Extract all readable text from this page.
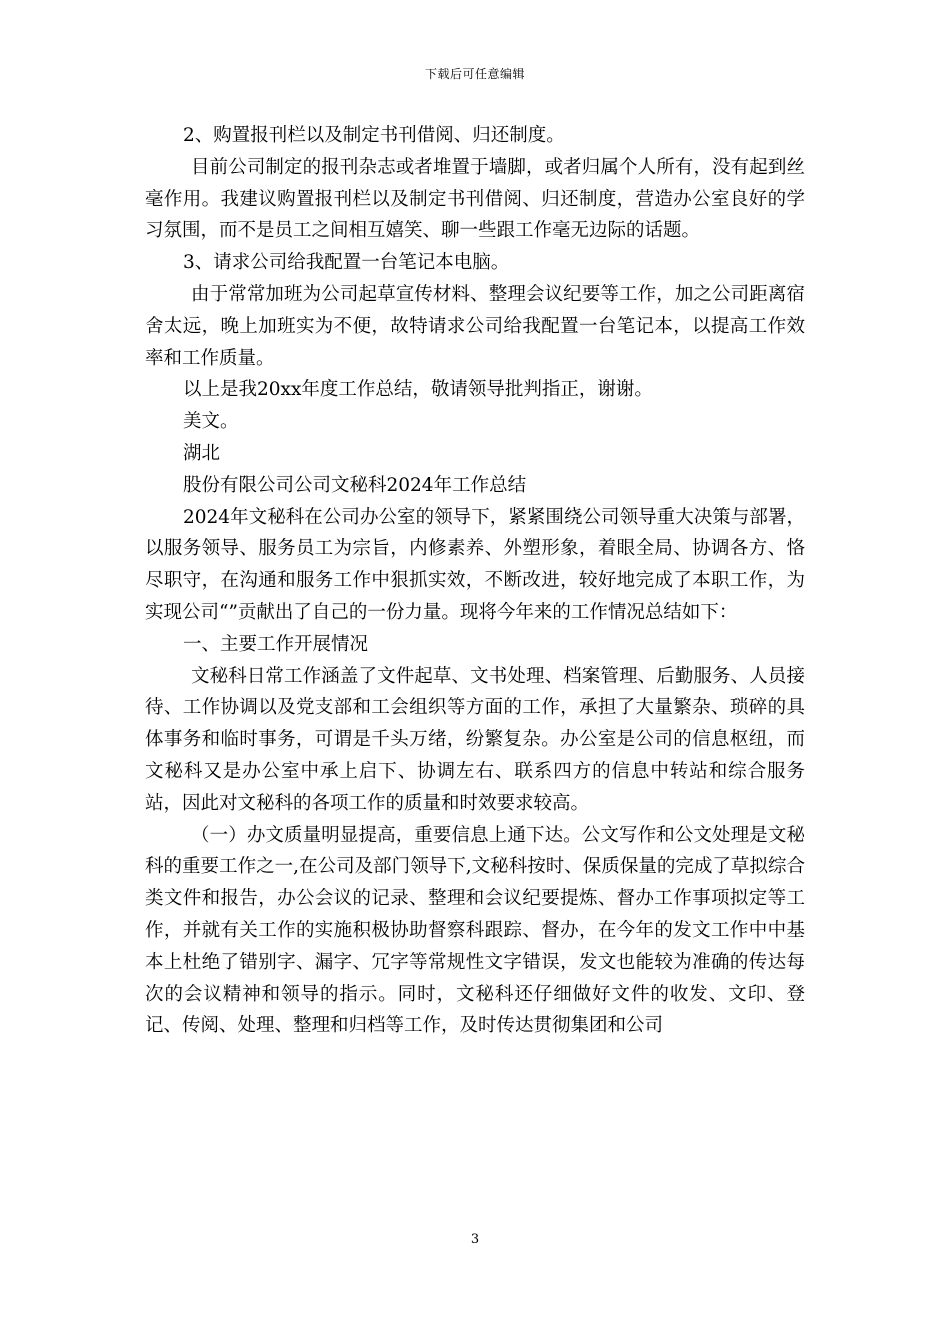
下载后可任意编辑

2、购置报刊栏以及制定书刊借阅、归还制度。

目前公司制定的报刊杂志或者堆置于墙脚，或者归属个人所有，没有起到丝毫作用。我建议购置报刊栏以及制定书刊借阅、归还制度，营造办公室良好的学习氛围，而不是员工之间相互嬉笑、聊一些跟工作毫无边际的话题。

3、请求公司给我配置一台笔记本电脑。

由于常常加班为公司起草宣传材料、整理会议纪要等工作，加之公司距离宿舍太远，晚上加班实为不便，故特请求公司给我配置一台笔记本，以提高工作效率和工作质量。

以上是我20xx年度工作总结，敬请领导批判指正，谢谢。

美文。

湖北

股份有限公司公司文秘科2024年工作总结

2024年文秘科在公司办公室的领导下，紧紧围绕公司领导重大决策与部署，以服务领导、服务员工为宗旨，内修素养、外塑形象，着眼全局、协调各方、恪尽职守，在沟通和服务工作中狠抓实效，不断改进，较好地完成了本职工作，为实现公司“”贡献出了自己的一份力量。现将今年来的工作情况总结如下：

一、主要工作开展情况

文秘科日常工作涵盖了文件起草、文书处理、档案管理、后勤服务、人员接待、工作协调以及党支部和工会组织等方面的工作，承担了大量繁杂、琐碎的具体事务和临时事务，可谓是千头万绪，纷繁复杂。办公室是公司的信息枢纽，而文秘科又是办公室中承上启下、协调左右、联系四方的信息中转站和综合服务站，因此对文秘科的各项工作的质量和时效要求较高。

（一）办文质量明显提高，重要信息上通下达。公文写作和公文处理是文秘科的重要工作之一,在公司及部门领导下,文秘科按时、保质保量的完成了草拟综合类文件和报告，办公会议的记录、整理和会议纪要提炼、督办工作事项拟定等工作，并就有关工作的实施积极协助督察科跟踪、督办，在今年的发文工作中中基本上杜绝了错别字、漏字、冗字等常规性文字错误，发文也能较为准确的传达每次的会议精神和领导的指示。同时，文秘科还仔细做好文件的收发、文印、登记、传阅、处理、整理和归档等工作，及时传达贯彻集团和公司

3
